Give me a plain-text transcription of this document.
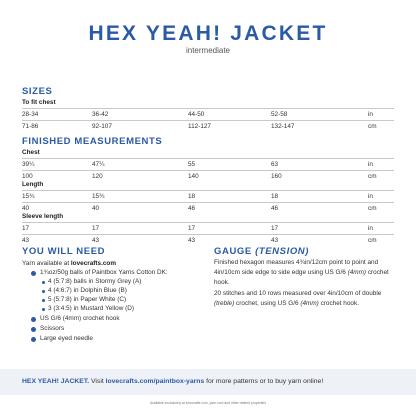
HEX YEAH! JACKET
intermediate
SIZES
To fit chest
28-34	36-42	44-50	52-58	in
71-86	92-107	112-127	132-147	cm
FINISHED MEASUREMENTS
Chest
39¼	47¼	55	63	in
100	120	140	160	cm
Length
15¾	15¾	18	18	in
40	40	46	46	cm
Sleeve length
17	17	17	17	in
43	43	43	43	cm
YOU WILL NEED
Yarn available at lovecrafts.com
1¾oz/50g balls of Paintbox Yarns Cotton DK:
4 (5:7:8) balls in Stormy Grey (A)
4 (4:6:7) in Dolphin Blue (B)
5 (5:7:8) in Paper White (C)
3 (3:4:5) in Mustard Yellow (D)
US G/6 (4mm) crochet hook
Scissors
Large eyed needle
GAUGE (TENSION)
Finished hexagon measures 4¾in/12cm point to point and 4in/10cm side edge to side edge using US G/6 (4mm) crochet hook.
20 stitches and 10 rows measured over 4in/10cm of double (treble) crochet, using US G/6 (4mm) crochet hook.
HEX YEAH! JACKET. Visit lovecrafts.com/paintbox-yarns for more patterns or to buy yarn online!
Available exclusively at lovecrafts.com, yarn.com and other related properties
